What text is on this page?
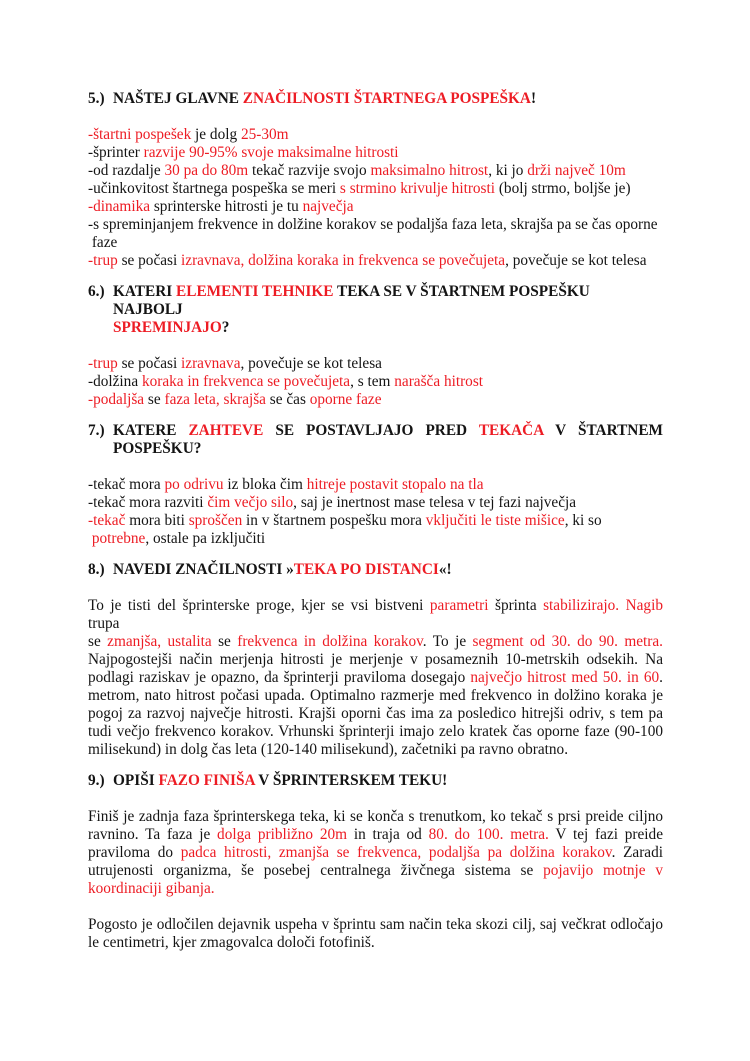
5.) NAŠTEJ GLAVNE ZNAČILNOSTI ŠTARTNEGA POSPEŠKA!
-štartni pospešek je dolg 25-30m
-šprinter razvije 90-95% svoje maksimalne hitrosti
-od razdalje 30 pa do 80m tekač razvije svojo maksimalno hitrost, ki jo drži največ 10m
-učinkovitost štartnega pospeška se meri s strmino krivulje hitrosti (bolj strmo, boljše je)
-dinamika sprinterske hitrosti je tu največja
-s spreminjanjem frekvence in dolžine korakov se podaljša faza leta, skrajša pa se čas oporne
faze
-trup se počasi izravnava, dolžina koraka in frekvenca se povečujeta, povečuje se kot telesa
6.) KATERI ELEMENTI TEHNIKE TEKA SE V ŠTARTNEM POSPEŠKU NAJBOLJ
SPREMINJAJO?
-trup se počasi izravnava, povečuje se kot telesa
-dolžina koraka in frekvenca se povečujeta, s tem narašča hitrost
-podaljša se faza leta, skrajša se čas oporne faze
7.) KATERE ZAHTEVE SE POSTAVLJAJO PRED TEKAČA V ŠTARTNEM
POSPEŠKU?
-tekač mora po odrivu iz bloka čim hitreje postavit stopalo na tla
-tekač mora razviti čim večjo silo, saj je inertnost mase telesa v tej fazi največja
-tekač mora biti sproščen in v štartnem pospešku mora vključiti le tiste mišice, ki so
potrebne, ostale pa izključiti
8.) NAVEDI ZNAČILNOSTI »TEKA PO DISTANCI«!
To je tisti del šprinterske proge, kjer se vsi bistveni parametri šprinta stabilizirajo. Nagib trupa
se zmanjša, ustalita se frekvenca in dolžina korakov. To je segment od 30. do 90. metra.
Najpogostejši način merjenja hitrosti je merjenje v posameznih 10-metrskih odsekih. Na
podlagi raziskav je opazno, da šprinterji praviloma dosegajo največjo hitrost med 50. in 60.
metrom, nato hitrost počasi upada. Optimalno razmerje med frekvenco in dolžino koraka je
pogoj za razvoj največje hitrosti. Krajši oporni čas ima za posledico hitrejši odriv, s tem pa
tudi večjo frekvenco korakov. Vrhunski šprinterji imajo zelo kratek čas oporne faze (90-100
milisekund) in dolg čas leta (120-140 milisekund), začetniki pa ravno obratno.
9.) OPIŠI FAZO FINIŠA V ŠPRINTERSKEM TEKU!
Finiš je zadnja faza šprinterskega teka, ki se konča s trenutkom, ko tekač s prsi preide ciljno
ravnino. Ta faza je dolga približno 20m in traja od 80. do 100. metra. V tej fazi preide
praviloma do padca hitrosti, zmanjša se frekvenca, podaljša pa dolžina korakov. Zaradi
utrujenosti organizma, še posebej centralnega živčnega sistema se pojavijo motnje v
koordinaciji gibanja.
Pogosto je odločilen dejavnik uspeha v šprintu sam način teka skozi cilj, saj večkrat odločajo
le centimetri, kjer zmagovalca določi fotofiniš.
